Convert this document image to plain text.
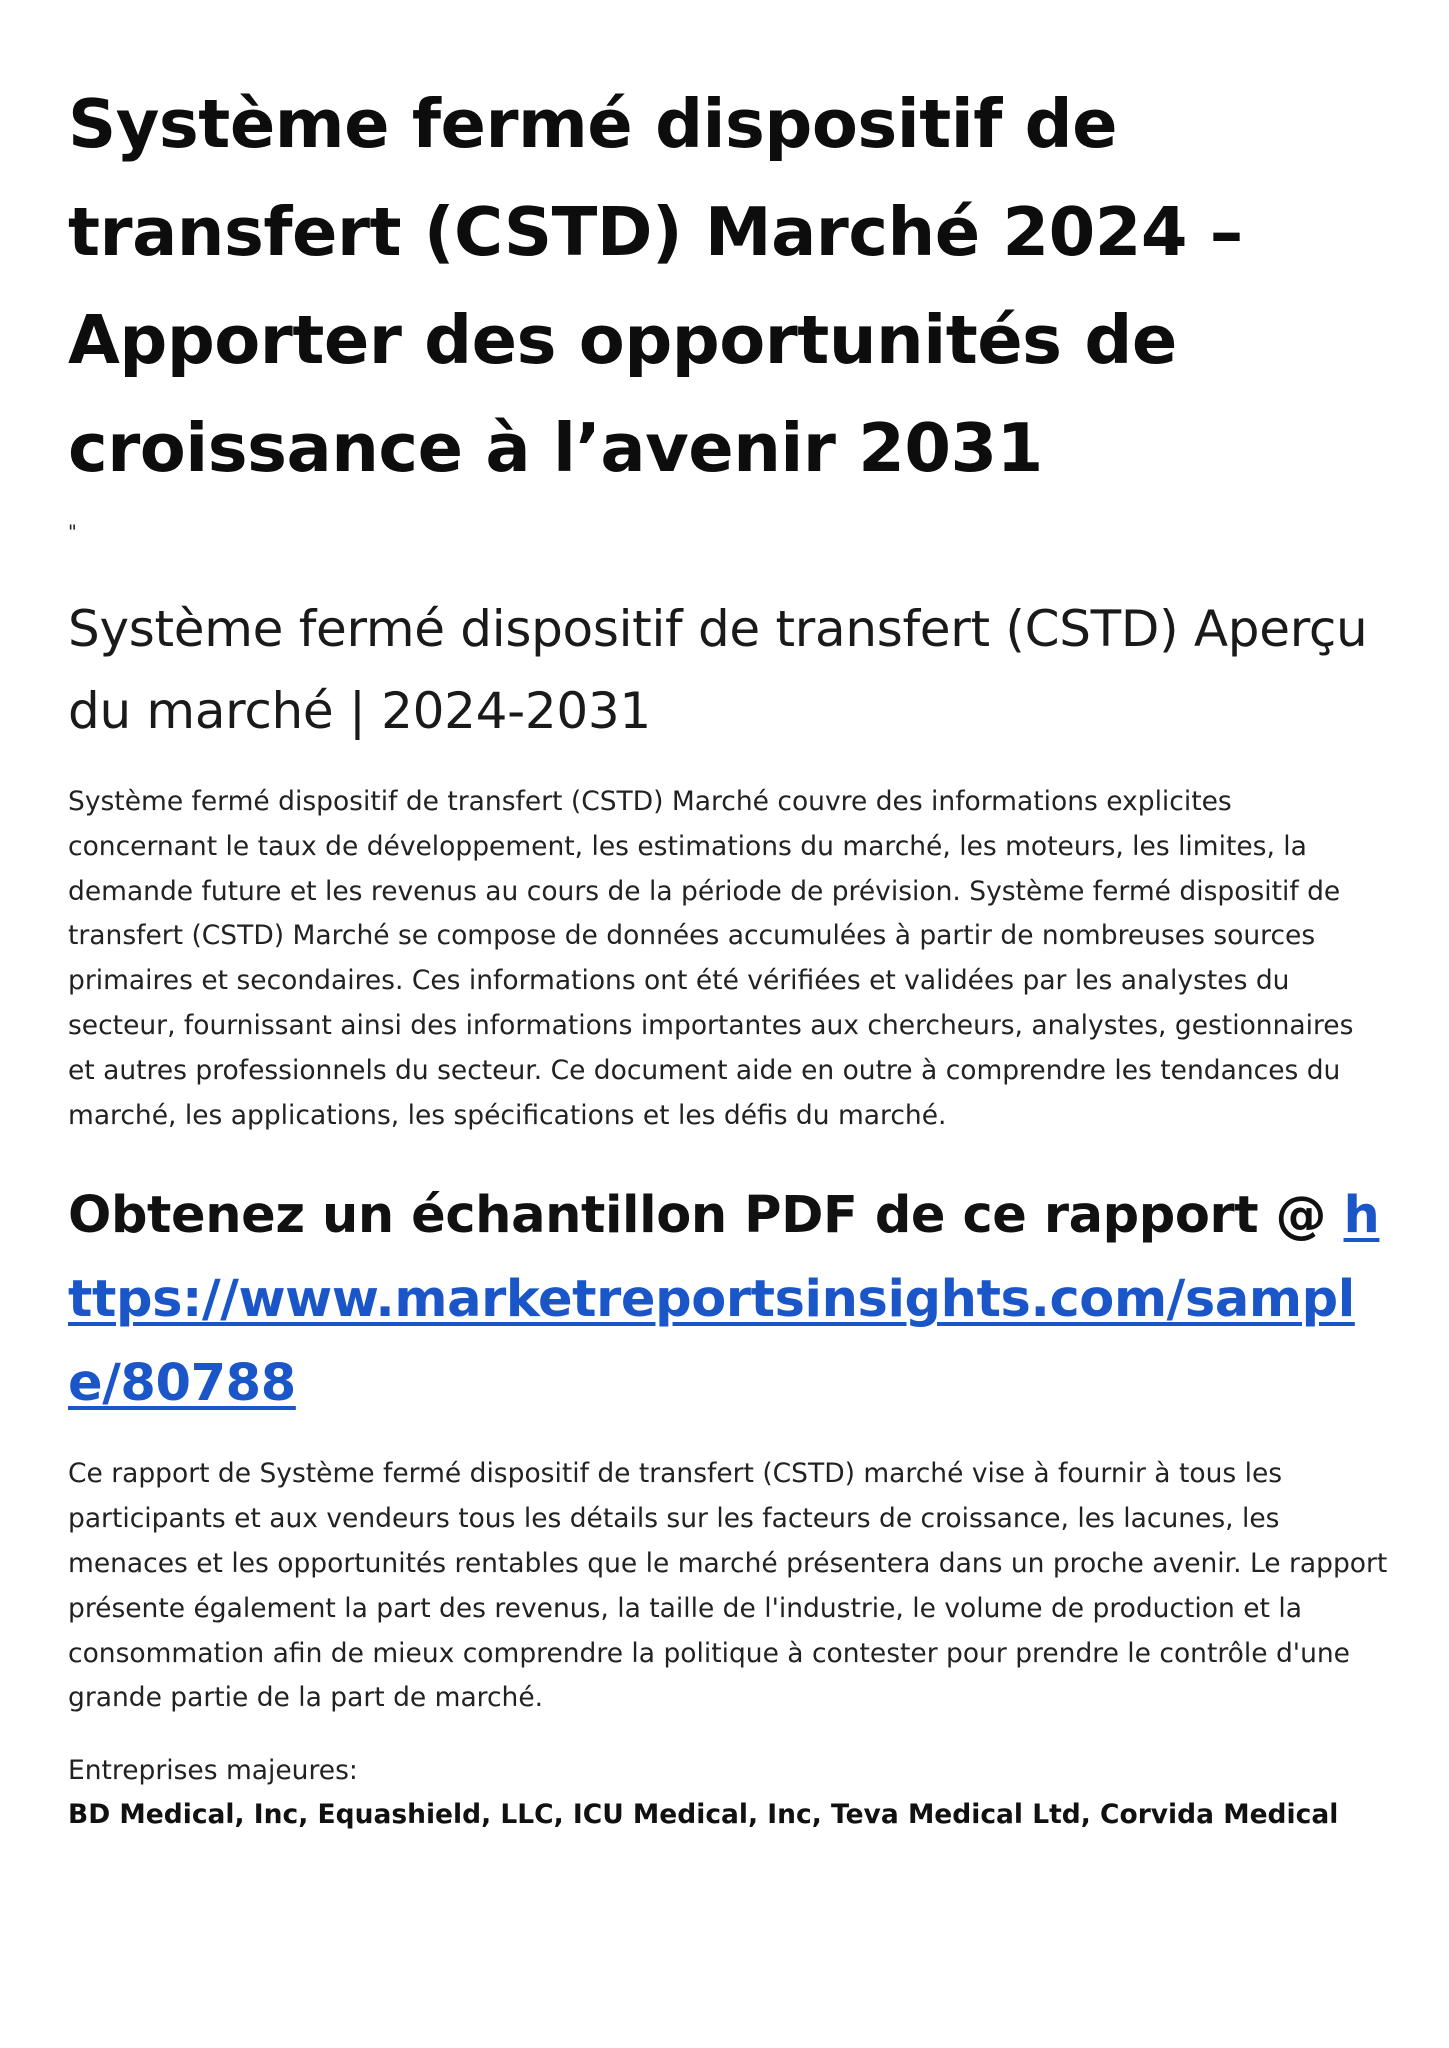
Système fermé dispositif de transfert (CSTD) Marché 2024 – Apporter des opportunités de croissance à l’avenir 2031
"
Système fermé dispositif de transfert (CSTD) Aperçu du marché | 2024-2031

Système fermé dispositif de transfert (CSTD) Marché couvre des informations explicites concernant le taux de développement, les estimations du marché, les moteurs, les limites, la demande future et les revenus au cours de la période de prévision. Système fermé dispositif de transfert (CSTD) Marché se compose de données accumulées à partir de nombreuses sources primaires et secondaires. Ces informations ont été vérifiées et validées par les analystes du secteur, fournissant ainsi des informations importantes aux chercheurs, analystes, gestionnaires et autres professionnels du secteur. Ce document aide en outre à comprendre les tendances du marché, les applications, les spécifications et les défis du marché.

Obtenez un échantillon PDF de ce rapport @ https://www.marketreportsinsights.com/sample/80788

Ce rapport de Système fermé dispositif de transfert (CSTD) marché vise à fournir à tous les participants et aux vendeurs tous les détails sur les facteurs de croissance, les lacunes, les menaces et les opportunités rentables que le marché présentera dans un proche avenir. Le rapport présente également la part des revenus, la taille de l'industrie, le volume de production et la consommation afin de mieux comprendre la politique à contester pour prendre le contrôle d'une grande partie de la part de marché.

Entreprises majeures:

BD Medical, Inc, Equashield, LLC, ICU Medical, Inc, Teva Medical Ltd, Corvida Medical
